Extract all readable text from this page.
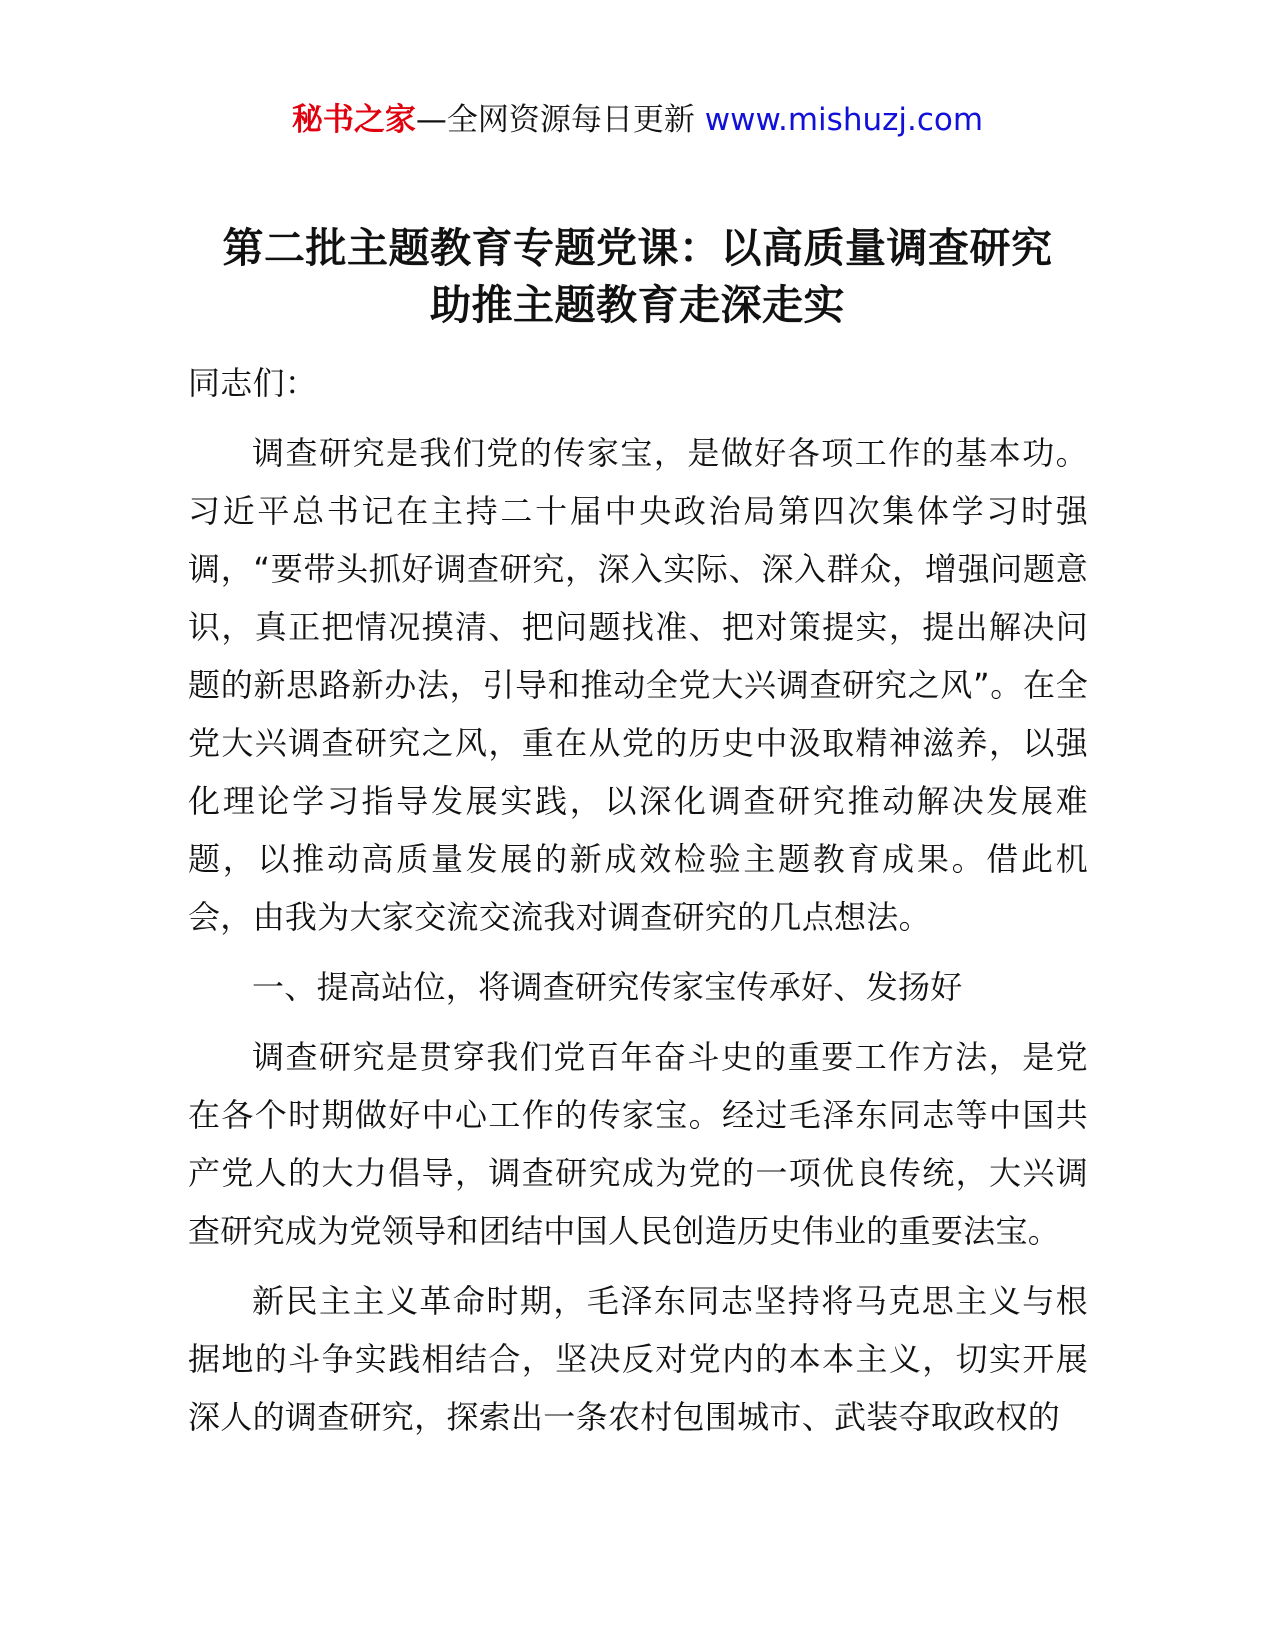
秘书之家—全网资源每日更新 www.mishuzj.com
第二批主题教育专题党课：以高质量调查研究
助推主题教育走深走实

同志们：

调查研究是我们党的传家宝，是做好各项工作的基本功。习近平总书记在主持二十届中央政治局第四次集体学习时强调，“要带头抓好调查研究，深入实际、深入群众，增强问题意识，真正把情况摸清、把问题找准、把对策提实，提出解决问题的新思路新办法，引导和推动全党大兴调查研究之风”。在全党大兴调查研究之风，重在从党的历史中汲取精神滋养，以强化理论学习指导发展实践，以深化调查研究推动解决发展难题，以推动高质量发展的新成效检验主题教育成果。借此机会，由我为大家交流交流我对调查研究的几点想法。

一、提高站位，将调查研究传家宝传承好、发扬好

调查研究是贯穿我们党百年奋斗史的重要工作方法，是党在各个时期做好中心工作的传家宝。经过毛泽东同志等中国共产党人的大力倡导，调查研究成为党的一项优良传统，大兴调查研究成为党领导和团结中国人民创造历史伟业的重要法宝。

新民主主义革命时期，毛泽东同志坚持将马克思主义与根据地的斗争实践相结合，坚决反对党内的本本主义，切实开展深人的调查研究，探索出一条农村包围城市、武装夺取政权的
